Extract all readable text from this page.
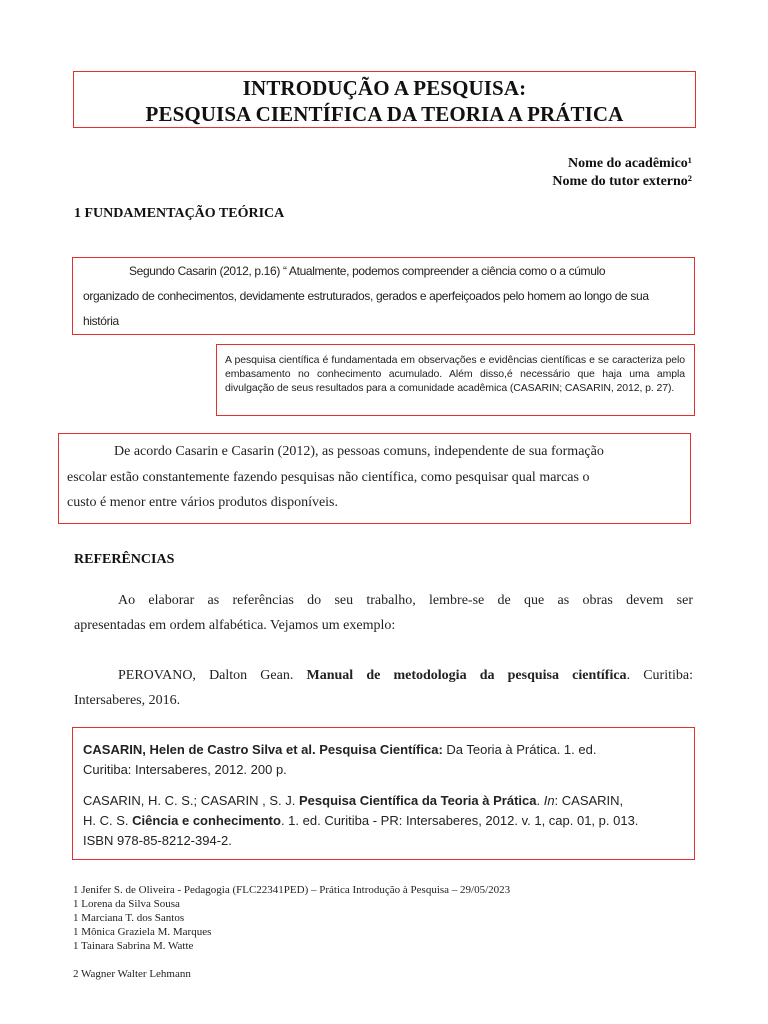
INTRODUÇÃO A PESQUISA:
PESQUISA CIENTÍFICA DA TEORIA A PRÁTICA
Nome do acadêmico¹
Nome do tutor externo²
1 FUNDAMENTAÇÃO TEÓRICA
Segundo Casarin (2012, p.16) “ Atualmente, podemos compreender a ciência como o a cúmulo
organizado de conhecimentos, devidamente estruturados, gerados e aperfeiçoados pelo homem ao longo de sua
história
A pesquisa científica é fundamentada em observações e evidências científicas e se caracteriza pelo embasamento no conhecimento acumulado. Além disso,é necessário que haja uma ampla divulgação de seus resultados para a comunidade acadêmica (CASARIN; CASARIN, 2012, p. 27).
De acordo Casarin e Casarin (2012), as pessoas comuns, independente de sua formação
escolar estão constantemente fazendo pesquisas não científica, como pesquisar qual marcas o
custo é menor entre vários produtos disponíveis.
REFERÊNCIAS
Ao elaborar as referências do seu trabalho, lembre-se de que as obras devem ser
apresentadas em ordem alfabética. Vejamos um exemplo:
PEROVANO, Dalton Gean. Manual de metodologia da pesquisa científica. Curitiba:
Intersaberes, 2016.
CASARIN, Helen de Castro Silva et al. Pesquisa Científica: Da Teoria à Prática. 1. ed.
Curitiba: Intersaberes, 2012. 200 p.
CASARIN, H. C. S.; CASARIN , S. J. Pesquisa Científica da Teoria à Prática. In: CASARIN,
H. C. S. Ciência e conhecimento. 1. ed. Curitiba - PR: Intersaberes, 2012. v. 1, cap. 01, p. 013.
ISBN 978-85-8212-394-2.
1 Jenifer S. de Oliveira - Pedagogia (FLC22341PED) – Prática Introdução à Pesquisa – 29/05/2023
1 Lorena da Silva Sousa
1 Marciana T. dos Santos
1 Mônica Graziela M. Marques
1 Tainara Sabrina M. Watte
2 Wagner Walter Lehmann
